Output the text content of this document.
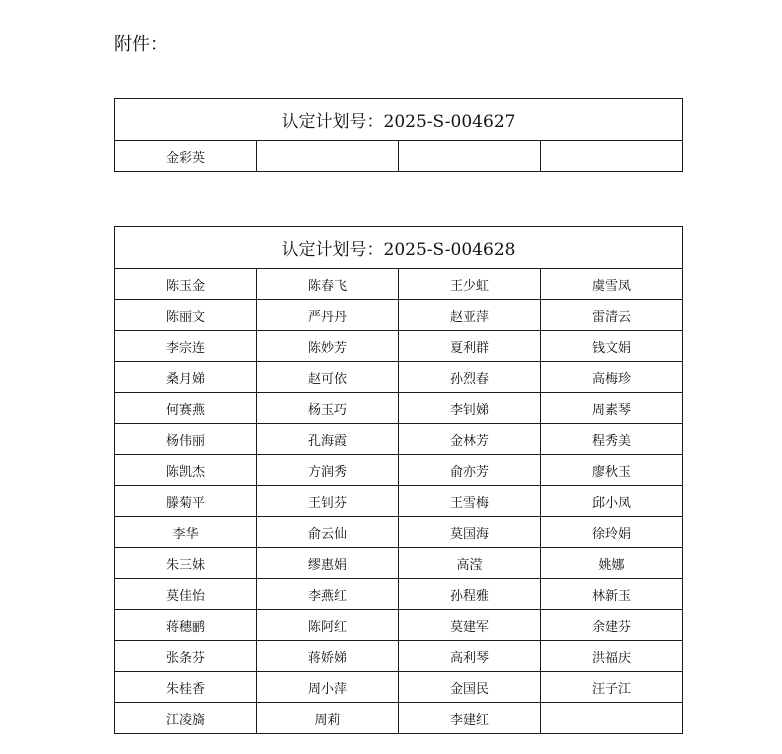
附件：
认定计划号：2025-S-004627
金彩英			
认定计划号：2025-S-004628			
陈玉金	陈春飞	王少虹	虞雪凤
陈丽文	严丹丹	赵亚萍	雷清云
李宗连	陈妙芳	夏利群	钱文娟
桑月娣	赵可依	孙烈春	高梅珍
何赛燕	杨玉巧	李钊娣	周素琴
杨伟丽	孔海霞	金林芳	程秀美
陈凯杰	方润秀	俞亦芳	廖秋玉
滕菊平	王钊芬	王雪梅	邱小凤
李华	俞云仙	莫国海	徐玲娟
朱三妹	缪惠娟	高滢	姚娜
莫佳怡	李燕红	孙程雅	林新玉
蒋穗鹂	陈阿红	莫建军	余建芬
张条芬	蒋娇娣	高利琴	洪福庆
朱桂香	周小萍	金国民	汪子江
江凌旖	周莉	李建红	
